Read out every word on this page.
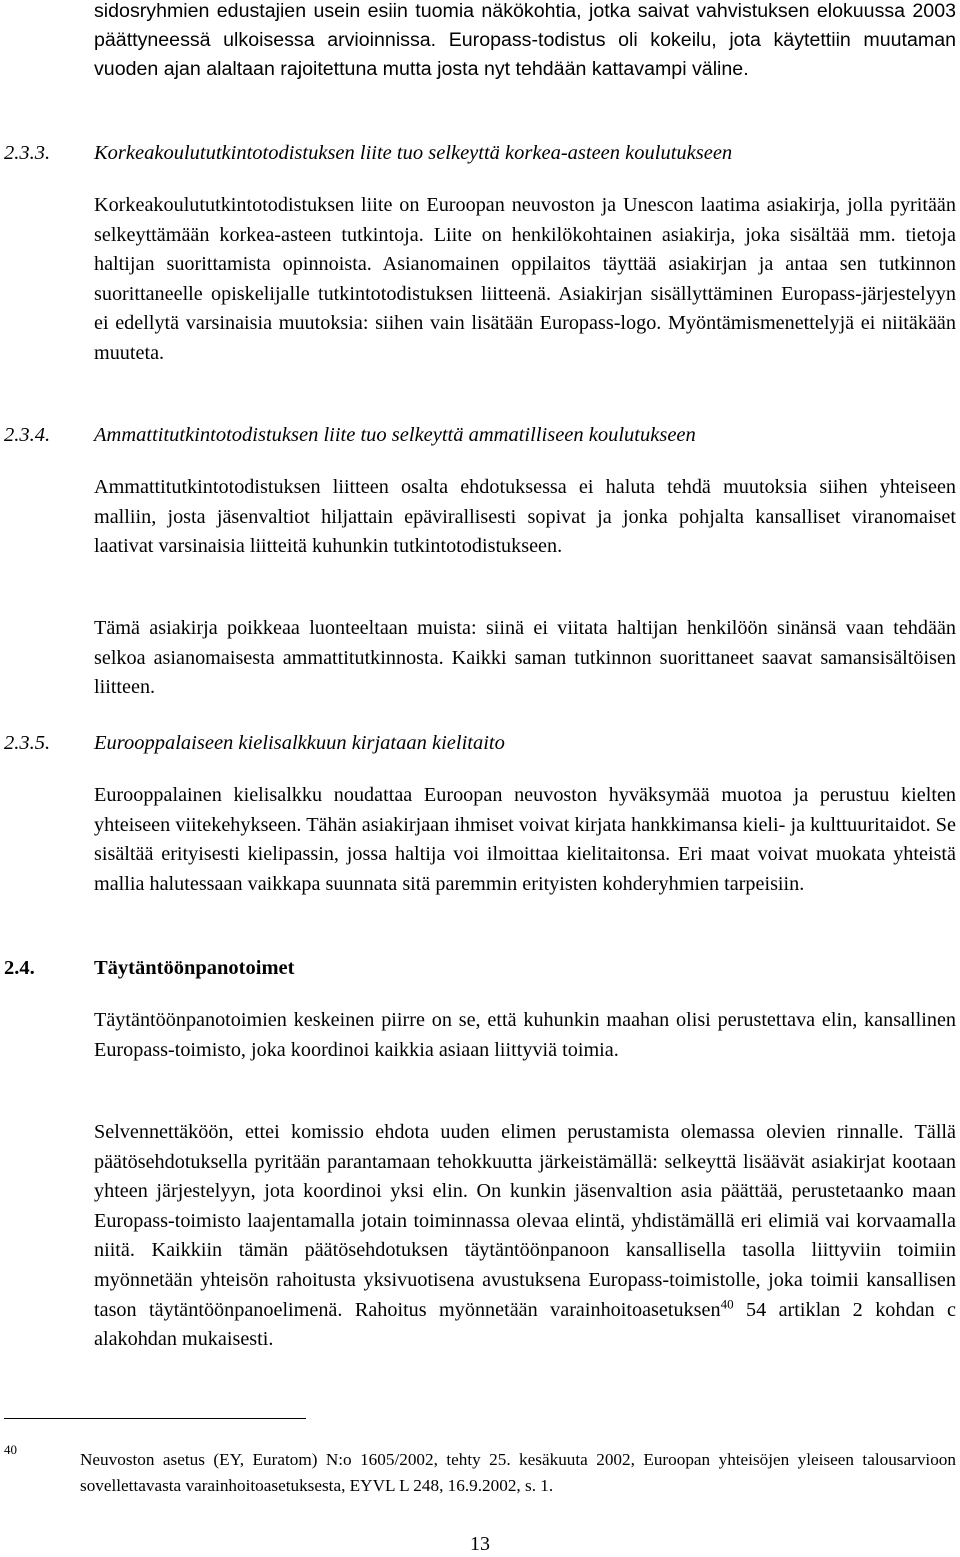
sidosryhmien edustajien usein esiin tuomia näkökohtia, jotka saivat vahvistuksen elokuussa 2003 päättyneessä ulkoisessa arvioinnissa. Europass-todistus oli kokeilu, jota käytettiin muutaman vuoden ajan alaltaan rajoitettuna mutta josta nyt tehdään kattavampi väline.

2.3.3. Korkeakoulututkintotodistuksen liite tuo selkeyttä korkea-asteen koulutukseen

Korkeakoulututkintotodistuksen liite on Euroopan neuvoston ja Unescon laatima asiakirja, jolla pyritään selkeyttämään korkea-asteen tutkintoja. Liite on henkilökohtainen asiakirja, joka sisältää mm. tietoja haltijan suorittamista opinnoista. Asianomainen oppilaitos täyttää asiakirjan ja antaa sen tutkinnon suorittaneelle opiskelijalle tutkintotodistuksen liitteenä. Asiakirjan sisällyttäminen Europass-järjestelyyn ei edellytä varsinaisia muutoksia: siihen vain lisätään Europass-logo. Myöntämismenettelyjä ei niitäkään muuteta.

2.3.4. Ammattitutkintotodistuksen liite tuo selkeyttä ammatilliseen koulutukseen

Ammattitutkintotodistuksen liitteen osalta ehdotuksessa ei haluta tehdä muutoksia siihen yhteiseen malliin, josta jäsenvaltiot hiljattain epävirallisesti sopivat ja jonka pohjalta kansalliset viranomaiset laativat varsinaisia liitteitä kuhunkin tutkintotodistukseen.

Tämä asiakirja poikkeaa luonteeltaan muista: siinä ei viitata haltijan henkilöön sinänsä vaan tehdään selkoa asianomaisesta ammattitutkinnosta. Kaikki saman tutkinnon suorittaneet saavat samansisältöisen liitteen.

2.3.5. Eurooppalaiseen kielisalkkuun kirjataan kielitaito

Eurooppalainen kielisalkku noudattaa Euroopan neuvoston hyväksymää muotoa ja perustuu kielten yhteiseen viitekehykseen. Tähän asiakirjaan ihmiset voivat kirjata hankkimansa kieli- ja kulttuuritaidot. Se sisältää erityisesti kielipassin, jossa haltija voi ilmoittaa kielitaitonsa. Eri maat voivat muokata yhteistä mallia halutessaan vaikkapa suunnata sitä paremmin erityisten kohderyhmien tarpeisiin.

2.4.	Täytäntöönpanotoimet

Täytäntöönpanotoimien keskeinen piirre on se, että kuhunkin maahan olisi perustettava elin, kansallinen Europass-toimisto, joka koordinoi kaikkia asiaan liittyviä toimia.

Selvennettäköön, ettei komissio ehdota uuden elimen perustamista olemassa olevien rinnalle. Tällä päätösehdotuksella pyritään parantamaan tehokkuutta järkeistämällä: selkeyttä lisäävät asiakirjat kootaan yhteen järjestelyyn, jota koordinoi yksi elin. On kunkin jäsenvaltion asia päättää, perustetaanko maan Europass-toimisto laajentamalla jotain toiminnassa olevaa elintä, yhdistämällä eri elimiä vai korvaamalla niitä. Kaikkiin tämän päätösehdotuksen täytäntöönpanoon kansallisella tasolla liittyviin toimiin myönnetään yhteisön rahoitusta yksivuotisena avustuksena Europass-toimistolle, joka toimii kansallisen tason täytäntöönpanoelimenä. Rahoitus myönnetään varainhoitoasetuksen$^{40}$ 54 artiklan 2 kohdan c alakohdan mukaisesti.

40

Neuvoston asetus (EY, Euratom) N:o 1605/2002, tehty 25. kesäkuuta 2002, Euroopan yhteisöjen yleiseen talousarvioon sovellettavasta varainhoitoasetuksesta, EYVL L 248, 16.9.2002, s. 1.

13
